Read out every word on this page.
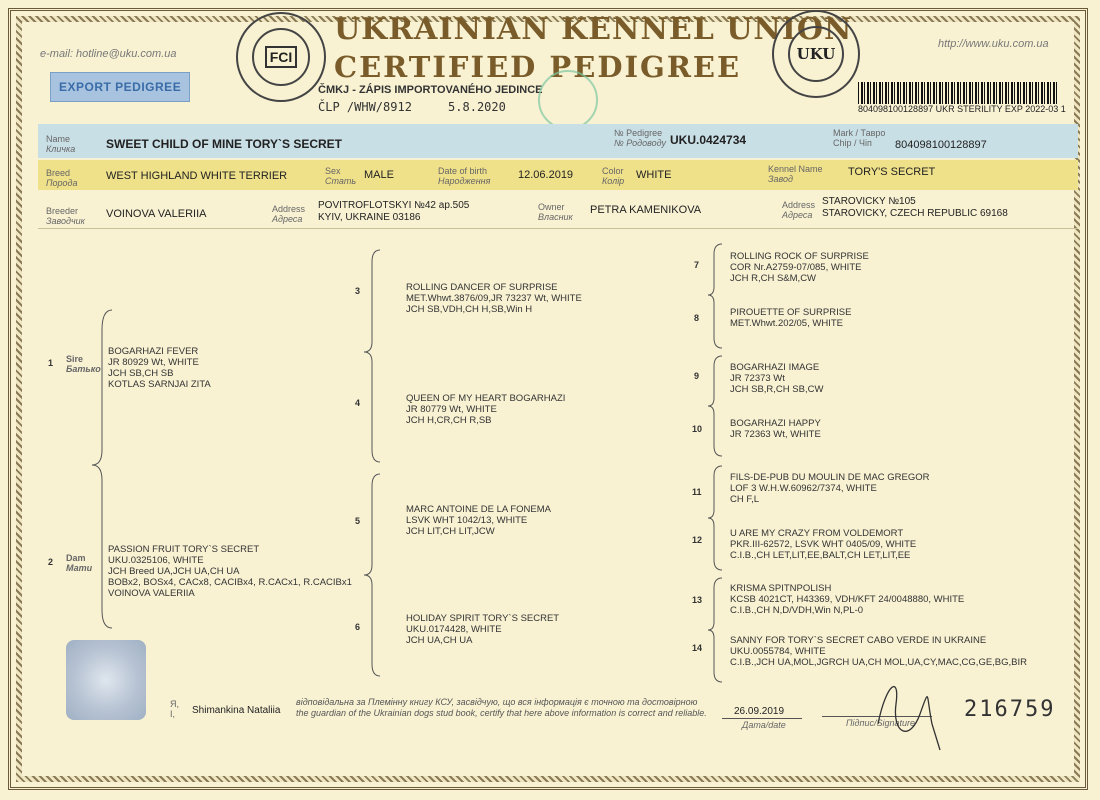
e-mail: hotline@uku.com.ua
http://www.uku.com.ua
EXPORT PEDIGREE
FCI
UKRAINIAN KENNEL UNION
CERTIFIED PEDIGREE
ČMKJ - ZÁPIS IMPORTOVANÉHO JEDINCE
ČLP /WHW/8912     5.8.2020
UKU
804098100128897 UKR STERILITY EXP 2022-03 1
Name
Кличка	SWEET CHILD OF MINE TORY`S SECRET
№ Pedigree
№ Родоводу UKU.0424734	Mark / Тавро
Chip / Чіп	804098100128897
Breed
Порода
WEST HIGHLAND WHITE TERRIER	Sex
Стать MALE	Date of birth
Народження	12.06.2019	Color
Колір WHITE	Kennel Name
Завод
TORY'S SECRET
Breeder
Заводчик
VOINOVA VALERIIA	Address
Адреса
POVITROFLOTSKYI №42 ap.505
KYIV, UKRAINE 03186
Owner
Власник
PETRA KAMENIKOVA	Address
Адреса
STAROVICKY №105
STAROVICKY, CZECH REPUBLIC 69168
1 Sire
Батько
BOGARHAZI FEVER
JR 80929 Wt, WHITE
JCH SB,CH SB
KOTLAS SARNJAI ZITA
2 Dam
Мати
PASSION FRUIT TORY`S SECRET
UKU.0325106, WHITE
JCH Breed UA,JCH UA,CH UA
BOBx2, BOSx4, CACx8, CACIBx4, R.CACx1, R.CACIBx1
VOINOVA VALERIIA
3	ROLLING DANCER OF SURPRISE
MET.Whwt.3876/09,JR 73237 Wt, WHITE
JCH SB,VDH,CH H,SB,Win H
4	QUEEN OF MY HEART BOGARHAZI
JR 80779 Wt, WHITE
JCH H,CR,CH R,SB
5
MARC ANTOINE DE LA FONEMA
LSVK WHT 1042/13, WHITE
JCH LIT,CH LIT,JCW
6
HOLIDAY SPIRIT TORY`S SECRET
UKU.0174428, WHITE
JCH UA,CH UA
7
ROLLING ROCK OF SURPRISE
COR Nr.A2759-07/085, WHITE
JCH R,CH S&M,CW
8	PIROUETTE OF SURPRISE
MET.Whwt.202/05, WHITE
9
BOGARHAZI IMAGE
JR 72373 Wt
JCH SB,R,CH SB,CW
10	BOGARHAZI HAPPY
JR 72363 Wt, WHITE
11
FILS-DE-PUB DU MOULIN DE MAC GREGOR
LOF 3 W.H.W.60962/7374, WHITE
CH F,L
12
U ARE MY CRAZY FROM VOLDEMORT
PKR.III-62572, LSVK WHT 0405/09, WHITE
C.I.B.,CH LET,LIT,EE,BALT,CH LET,LIT,EE
13
KRISMA SPITNPOLISH
KCSB 4021CT, H43369, VDH/KFT 24/0048880, WHITE
C.I.B.,CH N,D/VDH,Win N,PL-0
14
SANNY FOR TORY`S SECRET CABO VERDE IN UKRAINE
UKU.0055784, WHITE
C.I.B.,JCH UA,MOL,JGRCH UA,CH MOL,UA,CY,MAC,CG,GE,BG,BIR
Я,
I,	Shimankina Nataliia
відповідальна за Племінну книгу КСУ, засвідчую, що вся інформація є точною та достовірною
the guardian of the Ukrainian dogs stud book, certify that here above information is correct and reliable.	26.09.2019
Дата/date	Підпис/Signature
216759
